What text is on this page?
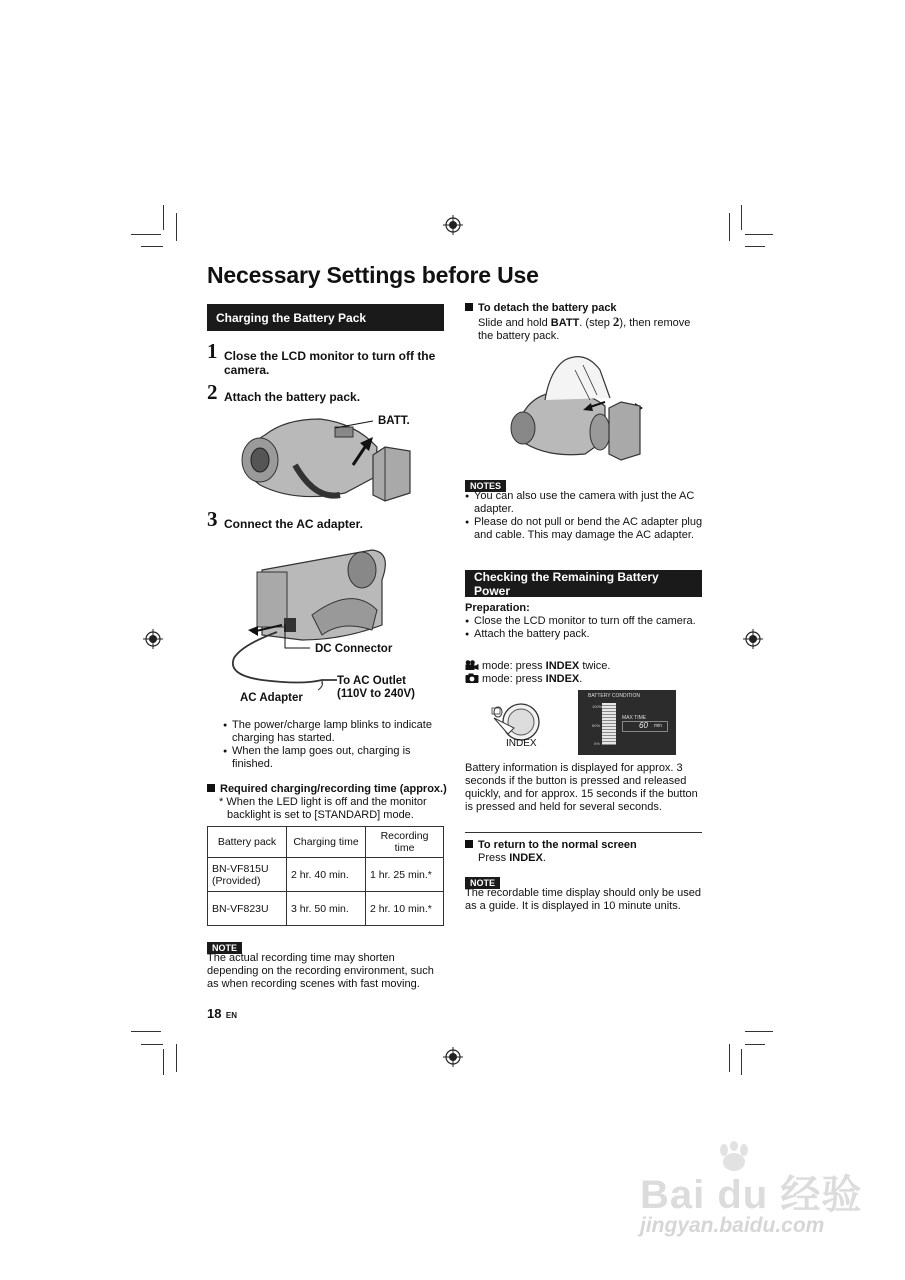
Necessary Settings before Use
Charging the Battery Pack
1 Close the LCD monitor to turn off the camera.
2 Attach the battery pack.
BATT.
3 Connect the AC adapter.
DC Connector
To AC Outlet
(110V to 240V)
AC Adapter
● The power/charge lamp blinks to indicate charging has started.
● When the lamp goes out, charging is finished.
Required charging/recording time (approx.)
* When the LED light is off and the monitor backlight is set to [STANDARD] mode.
Battery pack	Charging time	Recording time
BN-VF815U (Provided)	2 hr. 40 min.	1 hr. 25 min.*
BN-VF823U	3 hr. 50 min.	2 hr. 10 min.*
NOTE
The actual recording time may shorten depending on the recording environment, such as when recording scenes with fast moving.
18 EN
To detach the battery pack
Slide and hold BATT. (step 2), then remove the battery pack.
NOTES
● You can also use the camera with just the AC adapter.
● Please do not pull or bend the AC adapter plug and cable. This may damage the AC adapter.
Checking the Remaining Battery Power
Preparation:
● Close the LCD monitor to turn off the camera.
● Attach the battery pack.
mode: press INDEX twice.
mode: press INDEX.
INDEX
BATTERY CONDITION
100%
50%
0%
MAX TIME
60 min
Battery information is displayed for approx. 3 seconds if the button is pressed and released quickly, and for approx. 15 seconds if the button is pressed and held for several seconds.
To return to the normal screen
Press INDEX.
NOTE
The recordable time display should only be used as a guide. It is displayed in 10 minute units.
Bai du 经验
jingyan.baidu.com
